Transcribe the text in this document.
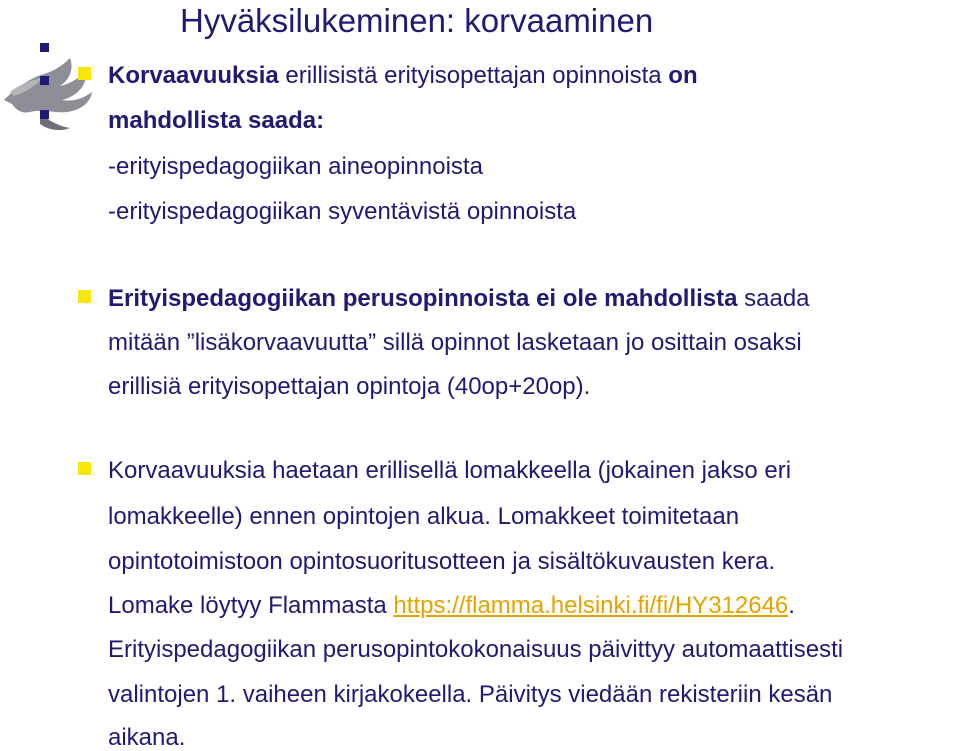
Hyväksilukeminen: korvaaminen
Korvaavuuksia erillisistä erityisopettajan opinnoista on
mahdollista saada:
-erityispedagogiikan aineopinnoista
-erityispedagogiikan syventävistä opinnoista
Erityispedagogiikan perusopinnoista ei ole mahdollista saada
mitään ”lisäkorvaavuutta” sillä opinnot lasketaan jo osittain osaksi
erillisiä erityisopettajan opintoja (40op+20op).
Korvaavuuksia haetaan erillisellä lomakkeella (jokainen jakso eri
lomakkeelle) ennen opintojen alkua. Lomakkeet toimitetaan
opintotoimistoon opintosuoritusotteen ja sisältökuvausten kera.
Lomake löytyy Flammasta https://flamma.helsinki.fi/fi/HY312646.
Erityispedagogiikan perusopintokokonaisuus päivittyy automaattisesti
valintojen 1. vaiheen kirjakokeella. Päivitys viedään rekisteriin kesän
aikana.
